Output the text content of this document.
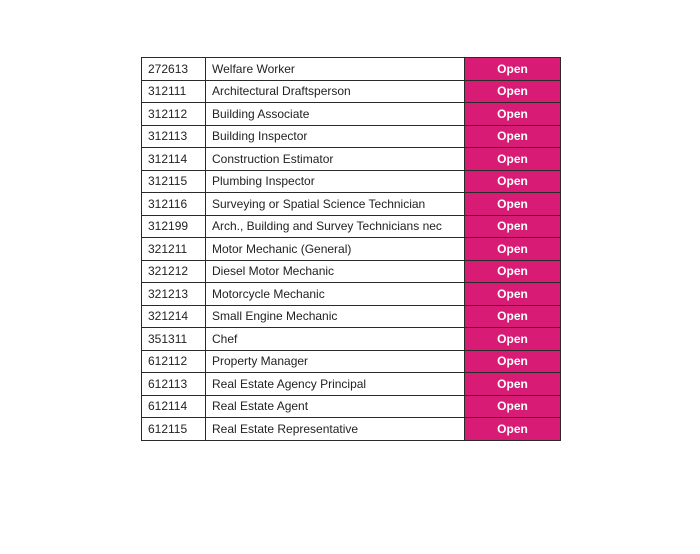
272613	Welfare Worker	Open
312111	Architectural Draftsperson	Open
312112	Building Associate	Open
312113	Building Inspector	Open
312114	Construction Estimator	Open
312115	Plumbing Inspector	Open
312116	Surveying or Spatial Science Technician	Open
312199	Arch., Building and Survey Technicians nec	Open
321211	Motor Mechanic (General)	Open
321212	Diesel Motor Mechanic	Open
321213	Motorcycle Mechanic	Open
321214	Small Engine Mechanic	Open
351311	Chef	Open
612112	Property Manager	Open
612113	Real Estate Agency Principal	Open
612114	Real Estate Agent	Open
612115	Real Estate Representative	Open
